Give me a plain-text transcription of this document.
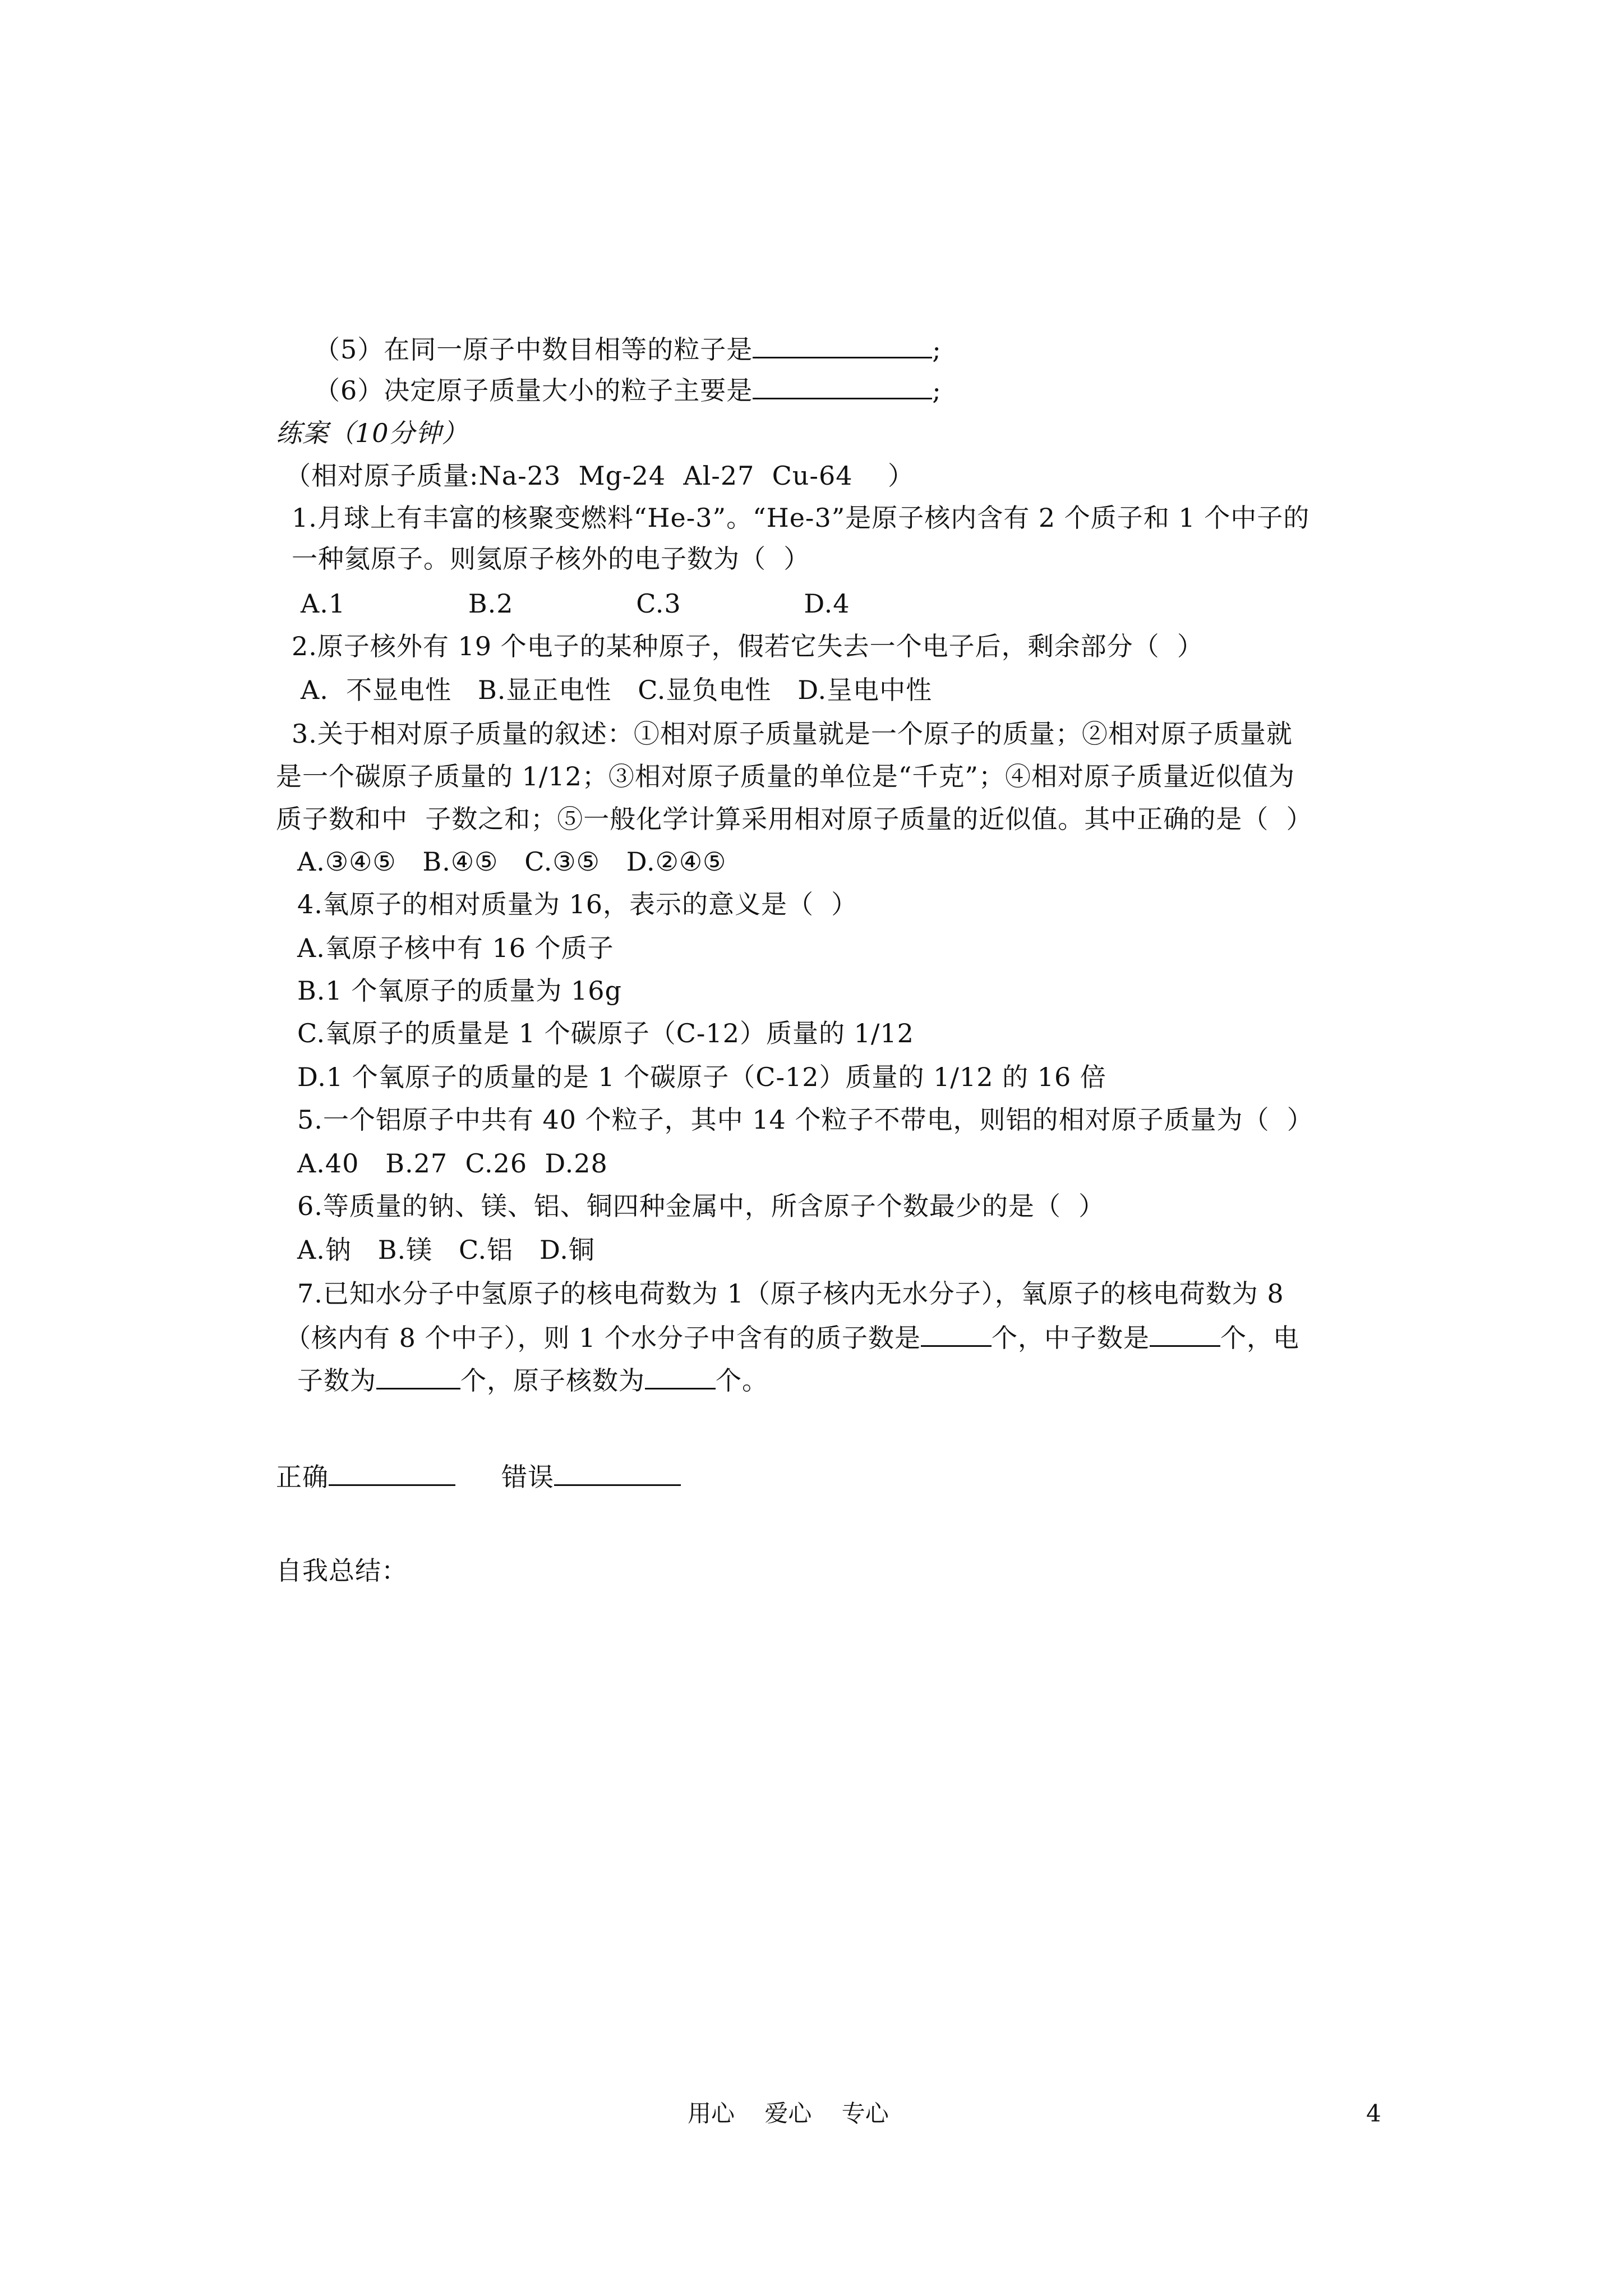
（5）在同一原子中数目相等的粒子是	;
（6）决定原子质量大小的粒子主要是	;
练案（10分钟）
（相对原子质量:Na-23  Mg-24  Al-27  Cu-64    ）
1.月球上有丰富的核聚变燃料“He-3”。“He-3”是原子核内含有 2 个质子和 1 个中子的
一种氦原子。则氦原子核外的电子数为（  ）
A.1              B.2              C.3              D.4
2.原子核外有 19 个电子的某种原子，假若它失去一个电子后，剩余部分（  ）
A.  不显电性   B.显正电性   C.显负电性   D.呈电中性
3.关于相对原子质量的叙述：①相对原子质量就是一个原子的质量；②相对原子质量就
是一个碳原子质量的 1/12；③相对原子质量的单位是“千克”；④相对原子质量近似值为
质子数和中  子数之和；⑤一般化学计算采用相对原子质量的近似值。其中正确的是（  ）
A.③④⑤   B.④⑤   C.③⑤   D.②④⑤
4.氧原子的相对质量为 16，表示的意义是（  ）
A.氧原子核中有 16 个质子
B.1 个氧原子的质量为 16g
C.氧原子的质量是 1 个碳原子（C-12）质量的 1/12
D.1 个氧原子的质量的是 1 个碳原子（C-12）质量的 1/12 的 16 倍
5.一个铝原子中共有 40 个粒子，其中 14 个粒子不带电，则铝的相对原子质量为（  ）
A.40   B.27  C.26  D.28
6.等质量的钠、镁、铝、铜四种金属中，所含原子个数最少的是（  ）
A.钠   B.镁   C.铝   D.铜
7.已知水分子中氢原子的核电荷数为 1（原子核内无水分子），氧原子的核电荷数为 8
（核内有 8 个中子），则 1 个水分子中含有的质子数是	个，中子数是	个，电
子数为	个，原子核数为	个。
正确	错误
自我总结：
用心    爱心    专心	4
